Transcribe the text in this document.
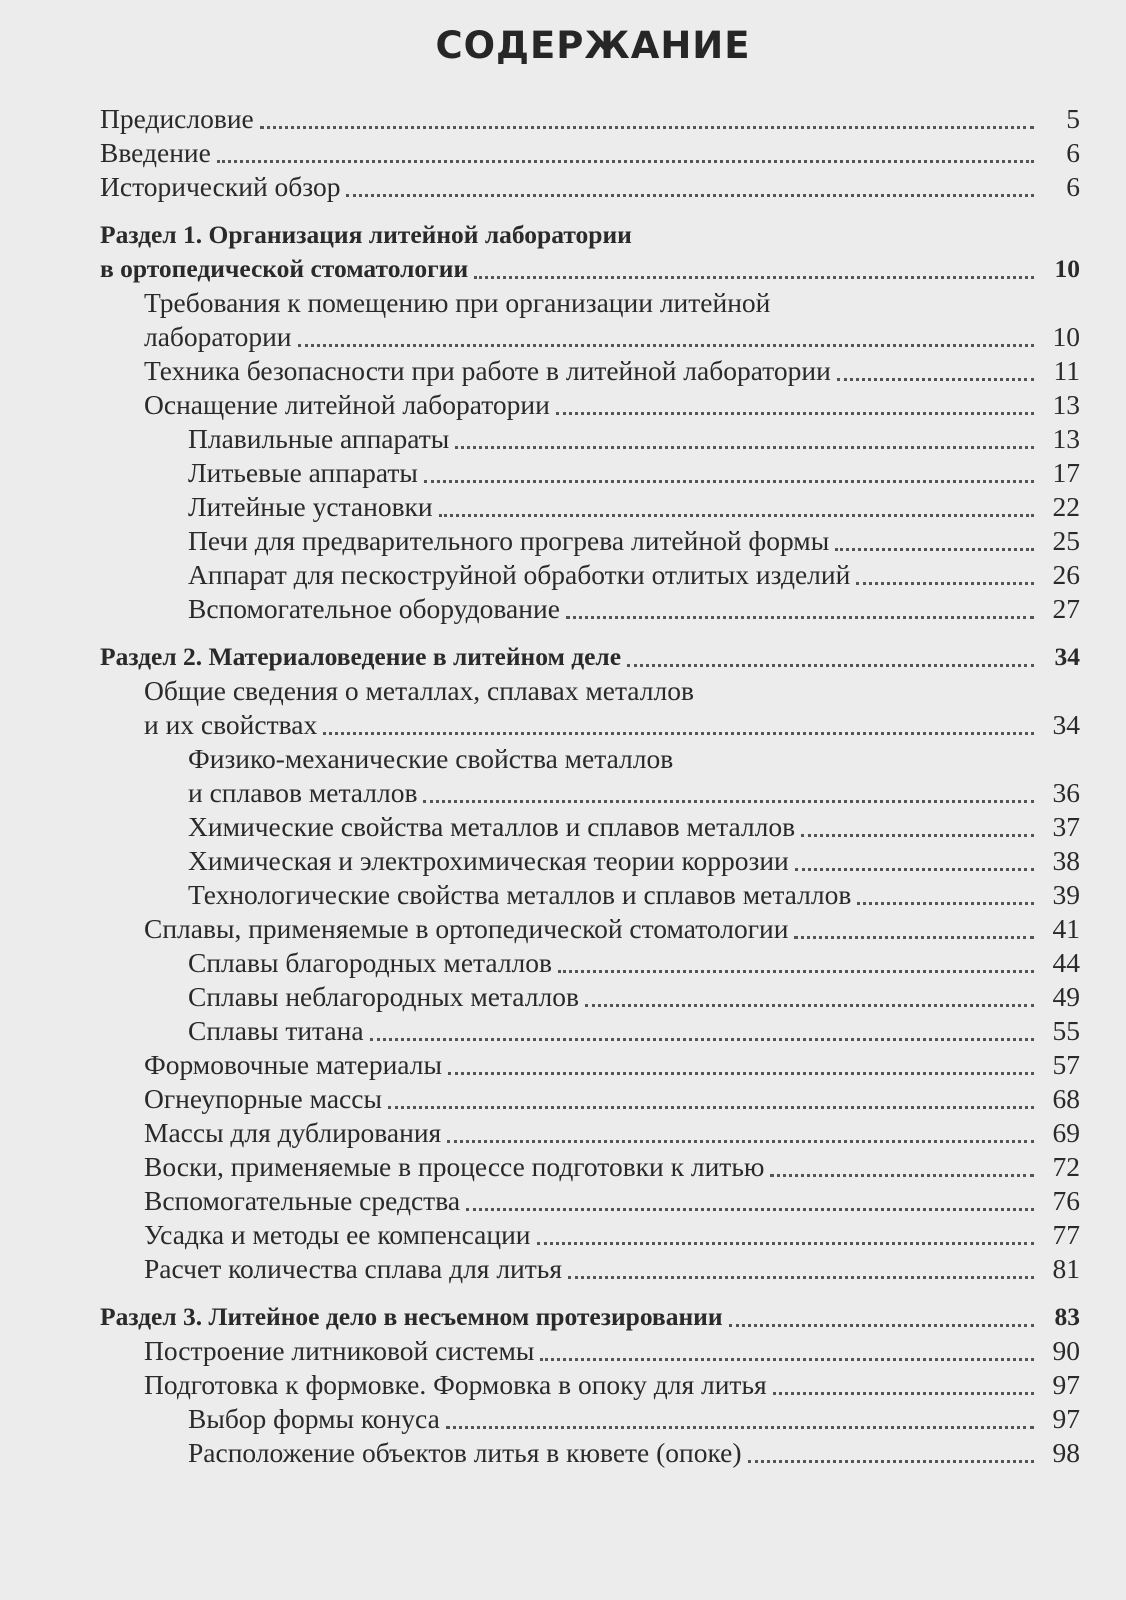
СОДЕРЖАНИЕ
Предисловие	5
Введение	6
Исторический обзор	6
Раздел 1. Организация литейной лаборатории
в ортопедической стоматологии	10
Требования к помещению при организации литейной
лаборатории	10
Техника безопасности при работе в литейной лаборатории	11
Оснащение литейной лаборатории	13
Плавильные аппараты	13
Литьевые аппараты	17
Литейные установки	22
Печи для предварительного прогрева литейной формы	25
Аппарат для пескоструйной обработки отлитых изделий	26
Вспомогательное оборудование	27
Раздел 2. Материаловедение в литейном деле	34
Общие сведения о металлах, сплавах металлов
и их свойствах	34
Физико-механические свойства металлов
и сплавов металлов	36
Химические свойства металлов и сплавов металлов	37
Химическая и электрохимическая теории коррозии	38
Технологические свойства металлов и сплавов металлов	39
Сплавы, применяемые в ортопедической стоматологии	41
Сплавы благородных металлов	44
Сплавы неблагородных металлов	49
Сплавы титана	55
Формовочные материалы	57
Огнеупорные массы	68
Массы для дублирования	69
Воски, применяемые в процессе подготовки к литью	72
Вспомогательные средства	76
Усадка и методы ее компенсации	77
Расчет количества сплава для литья	81
Раздел 3. Литейное дело в несъемном протезировании	83
Построение литниковой системы	90
Подготовка к формовке. Формовка в опоку для литья	97
Выбор формы конуса	97
Расположение объектов литья в кювете (опоке)	98
